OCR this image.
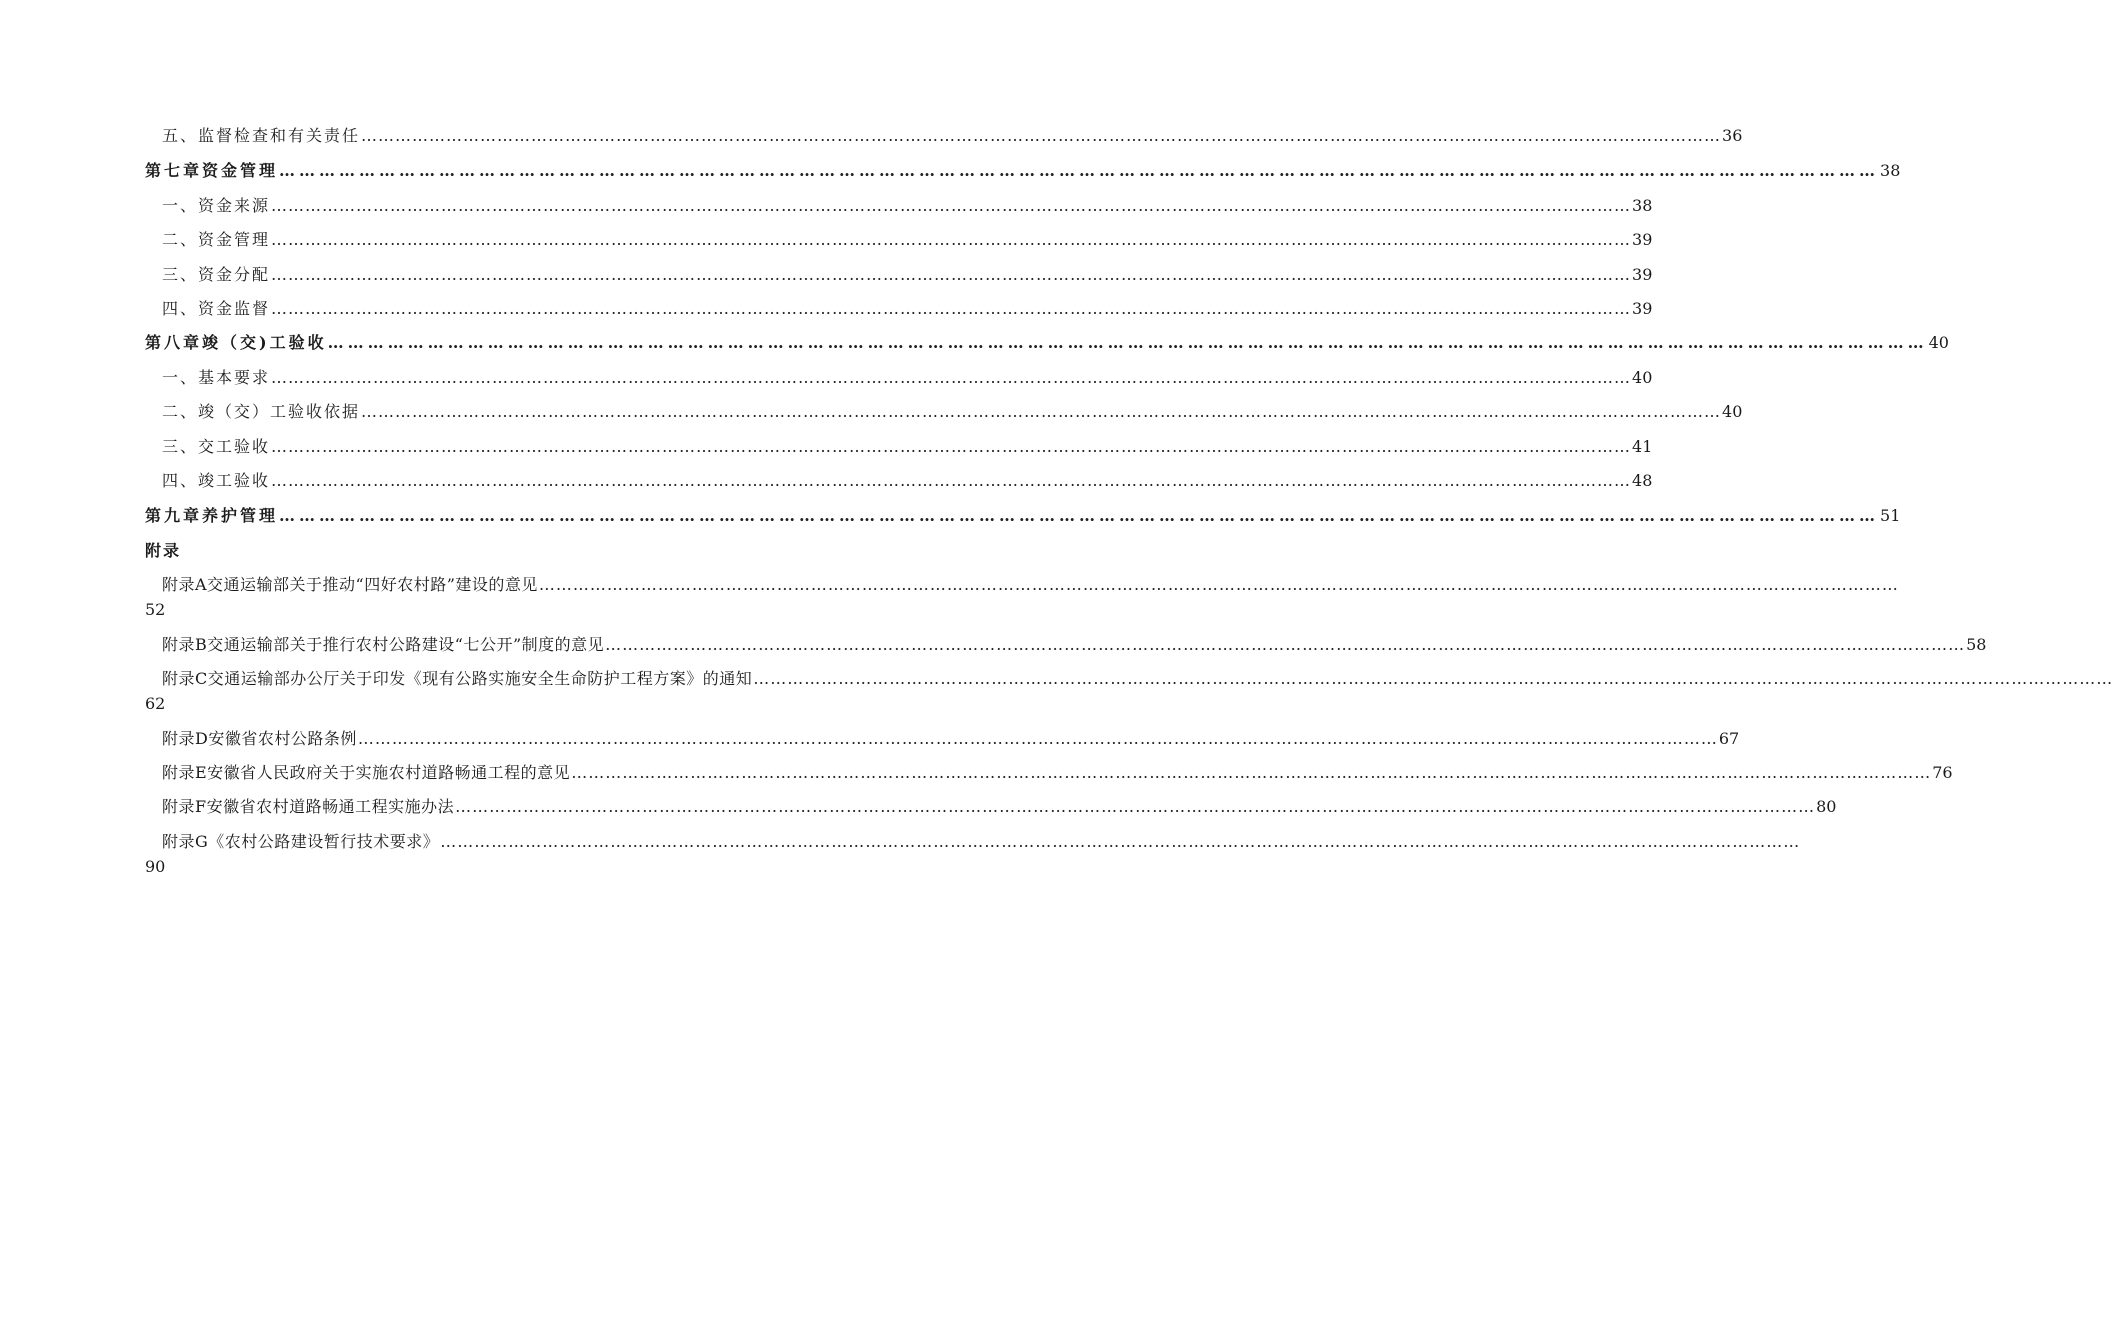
五、监督检查和有关责任 …………………………………………………………………………………………………………………………………………………………………………………………………………………… 36
第七章资金管理 …………………………………………………………………………………………………………………………………………………………………………………………………………………… 38
一、资金来源 …………………………………………………………………………………………………………………………………………………………………………………………………………………… 38
二、资金管理 …………………………………………………………………………………………………………………………………………………………………………………………………………………… 39
三、资金分配 …………………………………………………………………………………………………………………………………………………………………………………………………………………… 39
四、资金监督 …………………………………………………………………………………………………………………………………………………………………………………………………………………… 39
第八章竣（交)工验收 …………………………………………………………………………………………………………………………………………………………………………………………………………………… 40
一、基本要求 …………………………………………………………………………………………………………………………………………………………………………………………………………………… 40
二、竣（交）工验收依据 …………………………………………………………………………………………………………………………………………………………………………………………………………………… 40
三、交工验收 …………………………………………………………………………………………………………………………………………………………………………………………………………………… 41
四、竣工验收 …………………………………………………………………………………………………………………………………………………………………………………………………………………… 48
第九章养护管理 …………………………………………………………………………………………………………………………………………………………………………………………………………………… 51
附录
附录A交通运输部关于推动“四好农村路”建设的意见 ……………………………………………………………………………………………………………………………………………………………………………………………………………………
52
附录B交通运输部关于推行农村公路建设“七公开”制度的意见 …………………………………………………………………………………………………………………………………………………………………………………………………………………… 58
附录C交通运输部办公厅关于印发《现有公路实施安全生命防护工程方案》的通知 ……………………………………………………………………………………………………………………………………………………………………………………………………………………
62
附录D安徽省农村公路条例 …………………………………………………………………………………………………………………………………………………………………………………………………………………… 67
附录E安徽省人民政府关于实施农村道路畅通工程的意见 …………………………………………………………………………………………………………………………………………………………………………………………………………………… 76
附录F安徽省农村道路畅通工程实施办法 …………………………………………………………………………………………………………………………………………………………………………………………………………………… 80
附录G《农村公路建设暂行技术要求》 ……………………………………………………………………………………………………………………………………………………………………………………………………………………
90
